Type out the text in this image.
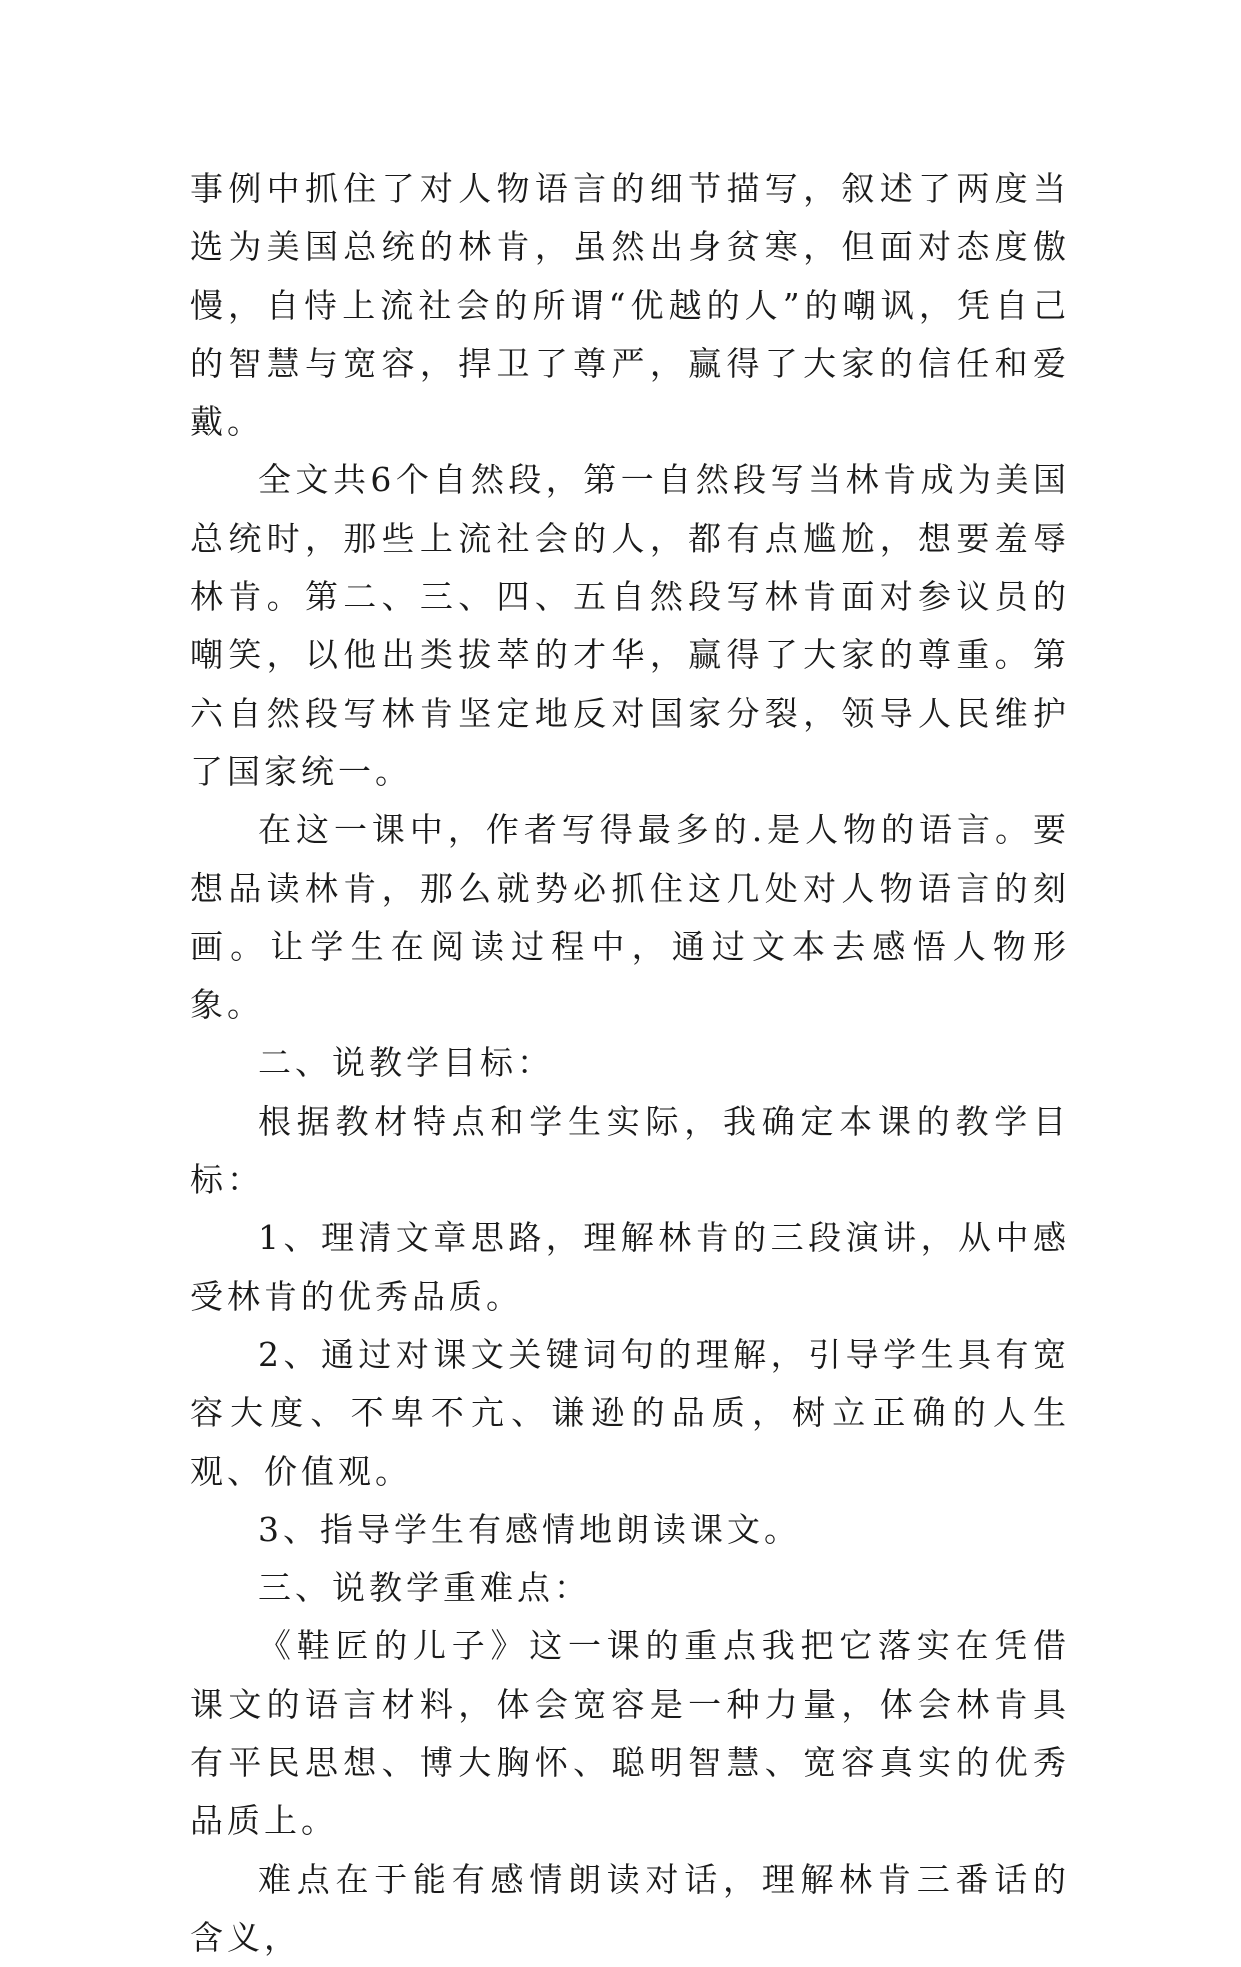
事例中抓住了对人物语言的细节描写，叙述了两度当选为美国总统的林肯，虽然出身贫寒，但面对态度傲慢，自恃上流社会的所谓“优越的人”的嘲讽，凭自己的智慧与宽容，捍卫了尊严，赢得了大家的信任和爱戴。

全文共6个自然段，第一自然段写当林肯成为美国总统时，那些上流社会的人，都有点尴尬，想要羞辱林肯。第二、三、四、五自然段写林肯面对参议员的嘲笑，以他出类拔萃的才华，赢得了大家的尊重。第六自然段写林肯坚定地反对国家分裂，领导人民维护了国家统一。

在这一课中，作者写得最多的.是人物的语言。要想品读林肯，那么就势必抓住这几处对人物语言的刻画。让学生在阅读过程中，通过文本去感悟人物形象。

二、说教学目标：

根据教材特点和学生实际，我确定本课的教学目标：

1、理清文章思路，理解林肯的三段演讲，从中感受林肯的优秀品质。

2、通过对课文关键词句的理解，引导学生具有宽容大度、不卑不亢、谦逊的品质，树立正确的人生观、价值观。

3、指导学生有感情地朗读课文。

三、说教学重难点：

《鞋匠的儿子》这一课的重点我把它落实在凭借课文的语言材料，体会宽容是一种力量，体会林肯具有平民思想、博大胸怀、聪明智慧、宽容真实的优秀品质上。

难点在于能有感情朗读对话，理解林肯三番话的含义，
